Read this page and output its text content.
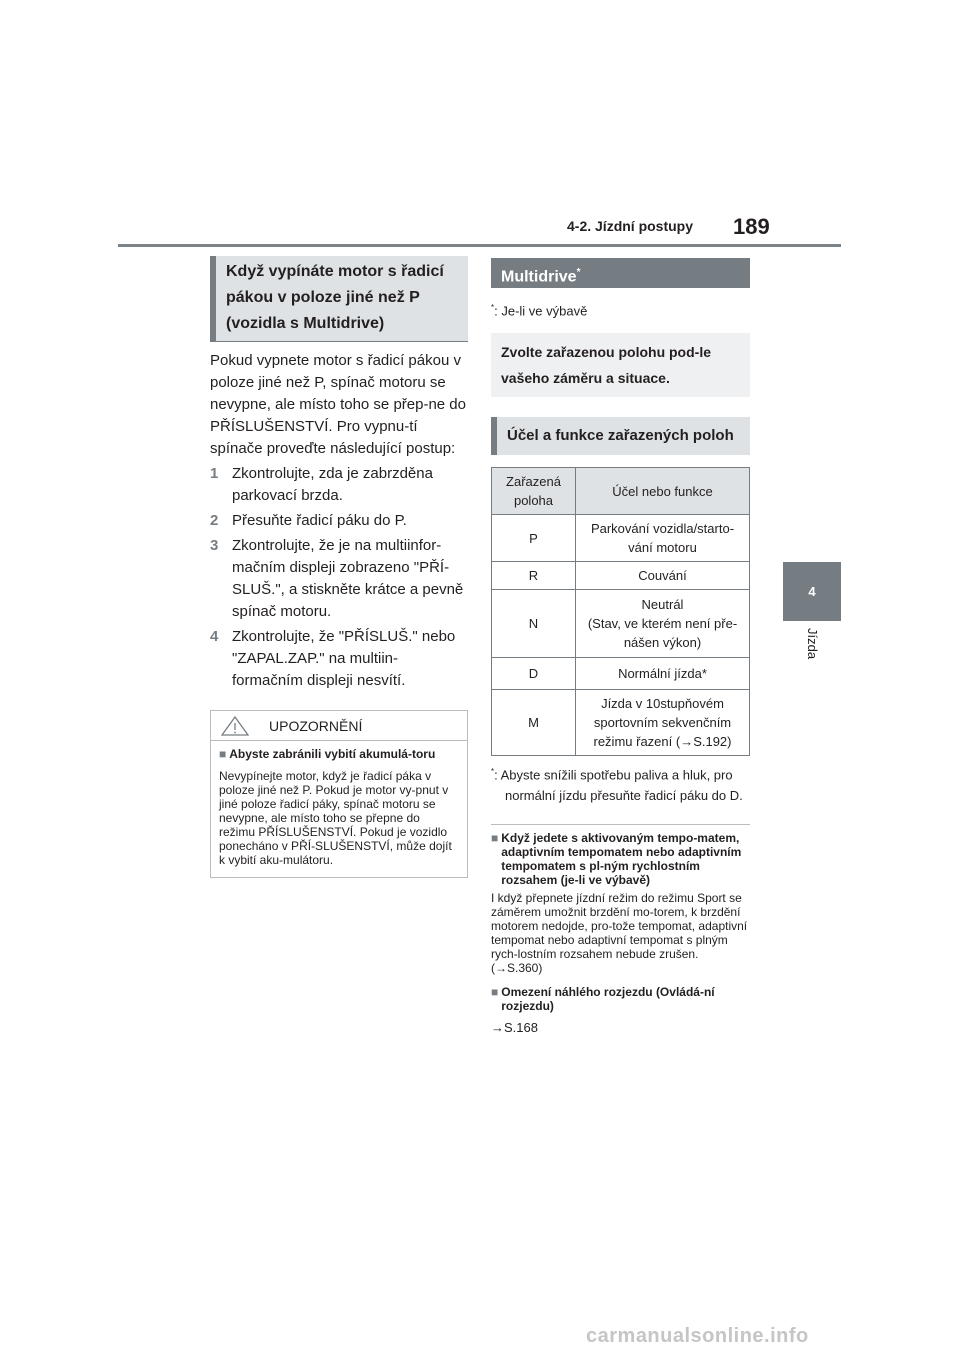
4-2. Jízdní postupy 189
4
Jízda
Když vypínáte motor s řadicí pákou v poloze jiné než P (vozidla s Multidrive)

Pokud vypnete motor s řadicí pákou v poloze jiné než P, spínač motoru se nevypne, ale místo toho se přep-ne do PŘÍSLUŠENSTVÍ. Pro vypnu-tí spínače proveďte následující postup:

1 Zkontrolujte, zda je zabrzděna parkovací brzda.
2 Přesuňte řadicí páku do P.
3 Zkontrolujte, že je na multiinfor-mačním displeji zobrazeno "PŘÍ-SLUŠ.", a stiskněte krátce a pevně spínač motoru.
4 Zkontrolujte, že "PŘÍSLUŠ." nebo "ZAPAL.ZAP." na multiin-formačním displeji nesvítí.
UPOZORNĚNÍ
■ Abyste zabránili vybití akumulá-toru

Nevypínejte motor, když je řadicí páka v poloze jiné než P. Pokud je motor vy-pnut v jiné poloze řadicí páky, spínač motoru se nevypne, ale místo toho se přepne do režimu PŘÍSLUŠENSTVÍ. Pokud je vozidlo ponecháno v PŘÍ-SLUŠENSTVÍ, může dojít k vybití aku-mulátoru.

Multidrive*

*: Je-li ve výbavě

Zvolte zařazenou polohu pod-le vašeho záměru a situace.
Účel a funkce zařazených poloh
Zařazená poloha	Účel nebo funkce
P	Parkování vozidla/starto-vání motoru
R	Couvání
N	Neutrál
(Stav, ve kterém není pře-nášen výkon)
D	Normální jízda*
M	Jízda v 10stupňovém sportovním sekvenčním režimu řazení (→S.192)

*: Abyste snížili spotřebu paliva a hluk, pro normální jízdu přesuňte řadicí páku do D.

■ Když jedete s aktivovaným tempo-matem, adaptivním tempomatem nebo adaptivním tempomatem s pl-ným rychlostním rozsahem (je-li ve výbavě)

I když přepnete jízdní režim do režimu Sport se záměrem umožnit brzdění mo-torem, k brzdění motorem nedojde, pro-tože tempomat, adaptivní tempomat nebo adaptivní tempomat s plným rych-lostním rozsahem nebude zrušen. (→S.360)

■ Omezení náhlého rozjezdu (Ovládá-ní rozjezdu)

→S.168

carmanualsonline.info
